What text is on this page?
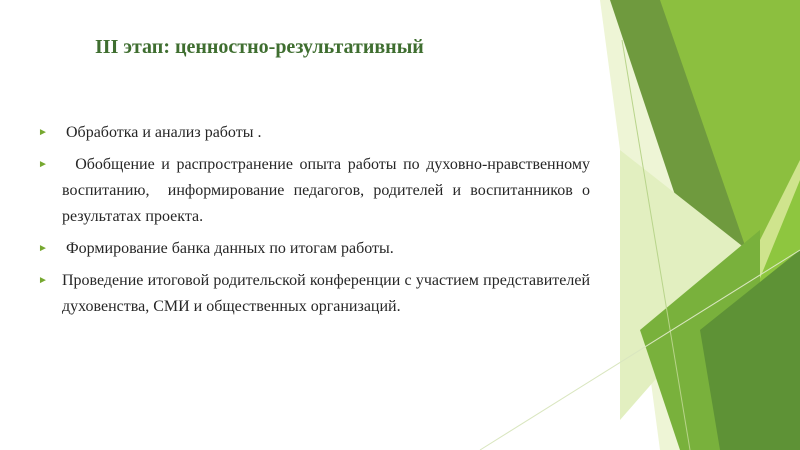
III этап: ценностно-результативный
► Обработка и анализ работы .
► Обобщение и распространение опыта работы по духовно-нравственному воспитанию,  информирование педагогов, родителей и воспитанников о результатах проекта.
► Формирование банка данных по итогам работы.
► Проведение итоговой родительской конференции с участием представителей духовенства, СМИ и общественных организаций.
